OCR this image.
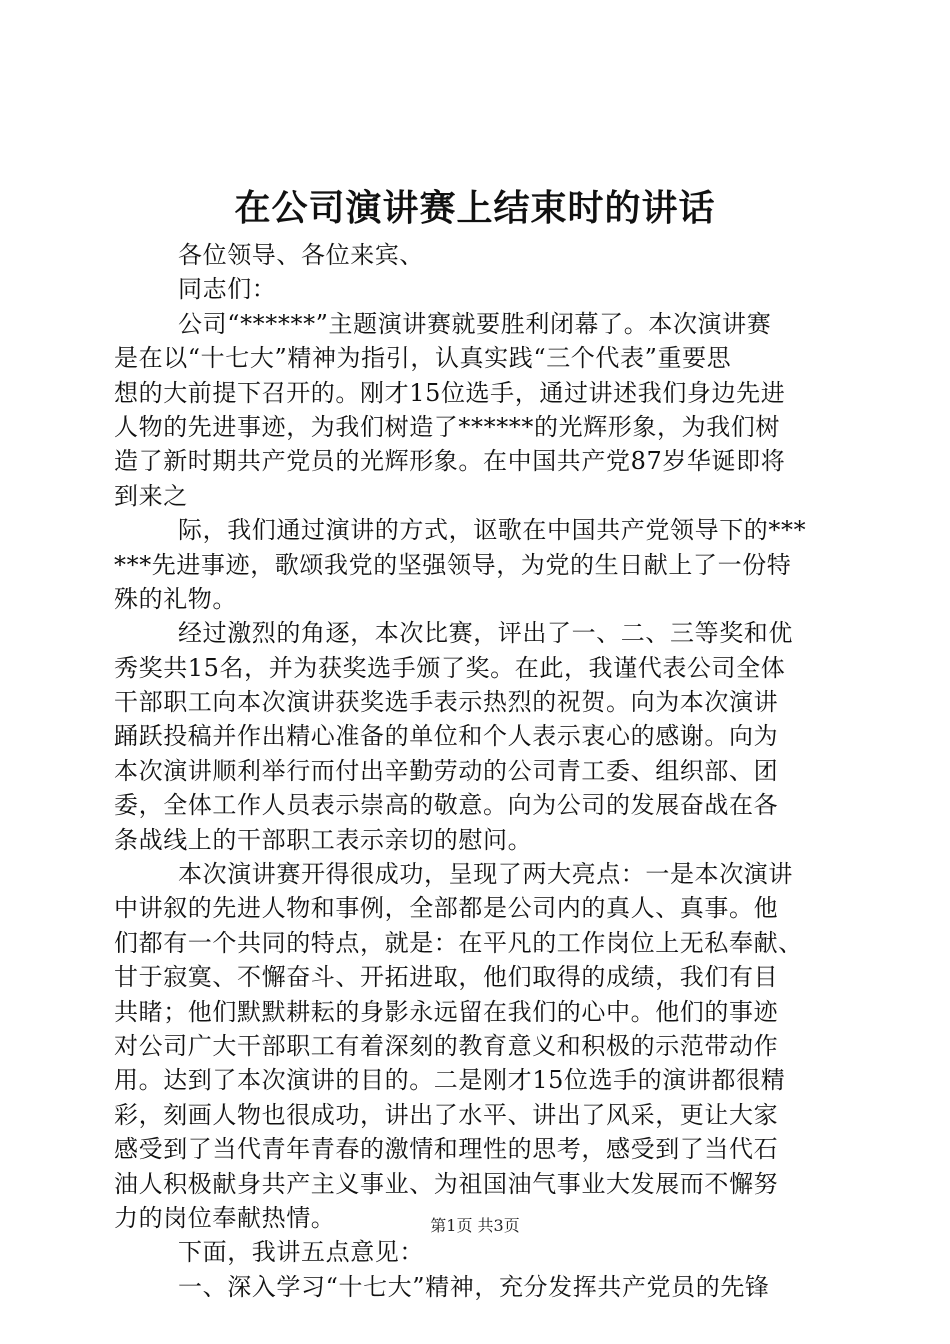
在公司演讲赛上结束时的讲话
各位领导、各位来宾、
同志们：
公司“******”主题演讲赛就要胜利闭幕了。本次演讲赛
是在以“十七大”精神为指引，认真实践“三个代表”重要思
想的大前提下召开的。刚才15位选手，通过讲述我们身边先进
人物的先进事迹，为我们树造了******的光辉形象，为我们树
造了新时期共产党员的光辉形象。在中国共产党87岁华诞即将
到来之
际，我们通过演讲的方式，讴歌在中国共产党领导下的***
***先进事迹，歌颂我党的坚强领导，为党的生日献上了一份特
殊的礼物。
经过激烈的角逐，本次比赛，评出了一、二、三等奖和优
秀奖共15名，并为获奖选手颁了奖。在此，我谨代表公司全体
干部职工向本次演讲获奖选手表示热烈的祝贺。向为本次演讲
踊跃投稿并作出精心准备的单位和个人表示衷心的感谢。向为
本次演讲顺利举行而付出辛勤劳动的公司青工委、组织部、团
委，全体工作人员表示崇高的敬意。向为公司的发展奋战在各
条战线上的干部职工表示亲切的慰问。
本次演讲赛开得很成功，呈现了两大亮点：一是本次演讲
中讲叙的先进人物和事例，全部都是公司内的真人、真事。他
们都有一个共同的特点，就是：在平凡的工作岗位上无私奉献、
甘于寂寞、不懈奋斗、开拓进取，他们取得的成绩，我们有目
共睹；他们默默耕耘的身影永远留在我们的心中。他们的事迹
对公司广大干部职工有着深刻的教育意义和积极的示范带动作
用。达到了本次演讲的目的。二是刚才15位选手的演讲都很精
彩，刻画人物也很成功，讲出了水平、讲出了风采，更让大家
感受到了当代青年青春的激情和理性的思考，感受到了当代石
油人积极献身共产主义事业、为祖国油气事业大发展而不懈努
力的岗位奉献热情。
下面，我讲五点意见：
一、深入学习“十七大”精神，充分发挥共产党员的先锋
第1页 共3页
